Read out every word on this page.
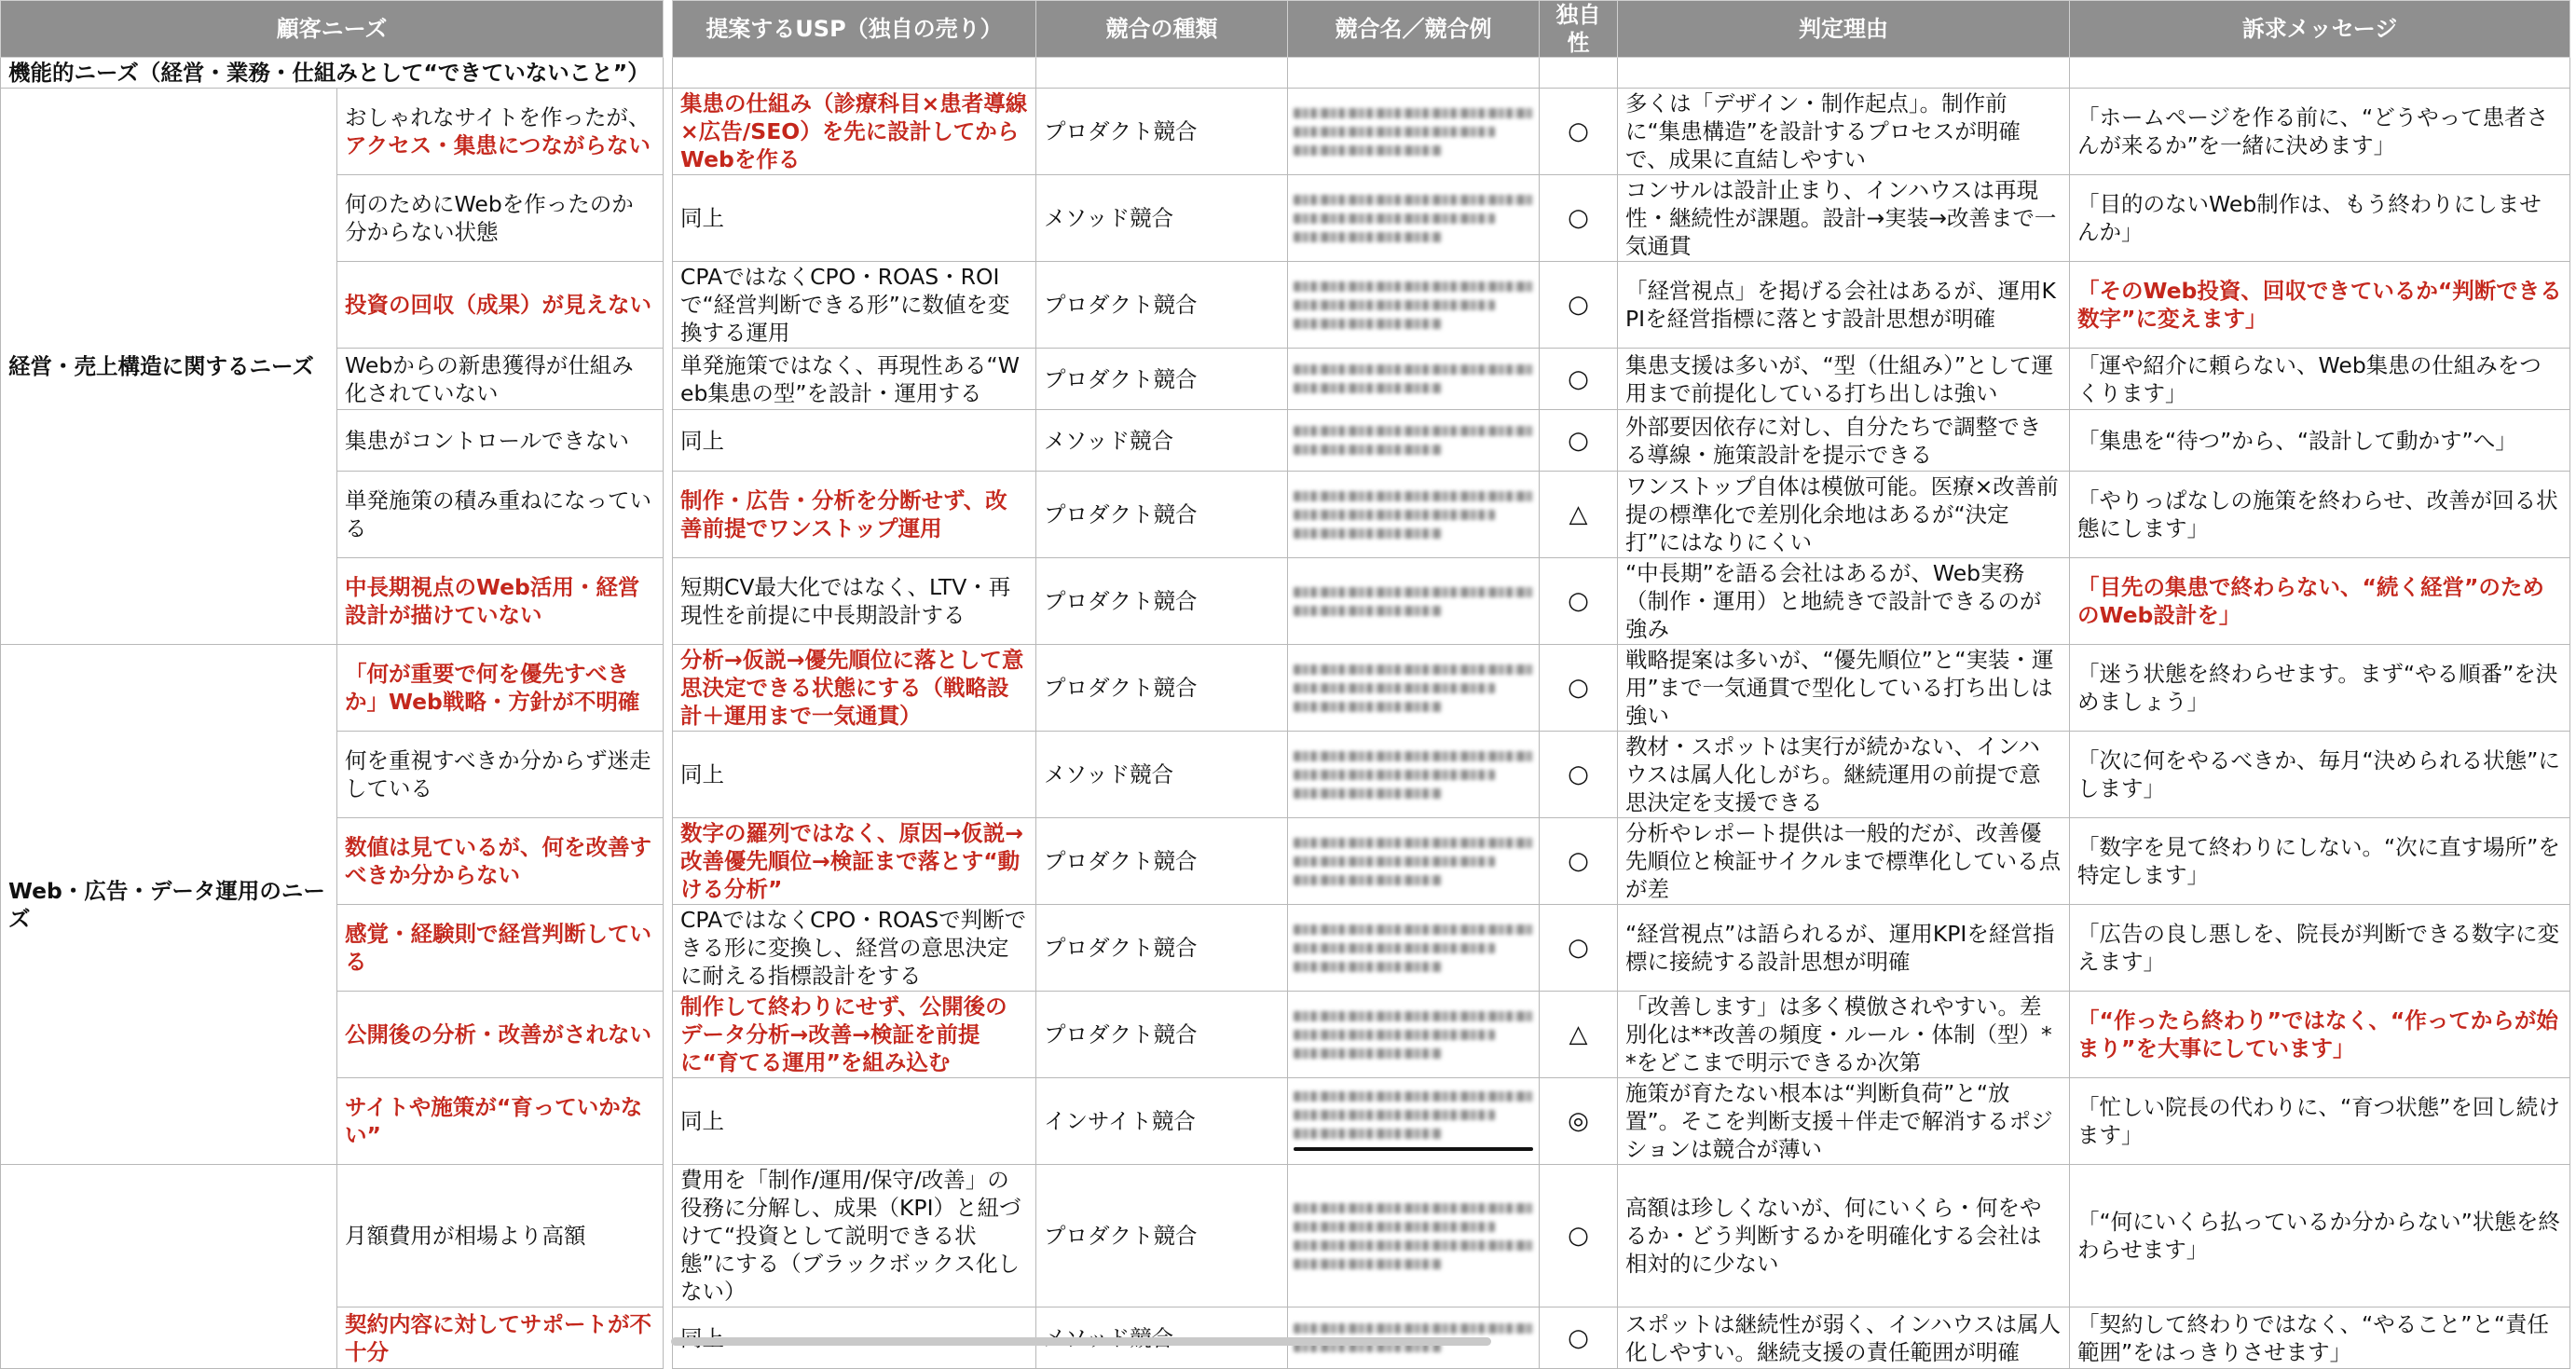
顧客ニーズ			提案するUSP（独自の売り）	競合の種類	競合名／競合例	独自性	判定理由	訴求メッセージ
機能的ニーズ（経営・業務・仕組みとして“できていないこと”）								
経営・売上構造に関するニーズ	おしゃれなサイトを作ったが、アクセス・集患につながらない		集患の仕組み（診療科目×患者導線×広告/SEO）を先に設計してからWebを作る	プロダクト競合		○	多くは「デザイン・制作起点」。制作前に“集患構造”を設計するプロセスが明確で、成果に直結しやすい	「ホームページを作る前に、“どうやって患者さんが来るか”を一緒に決めます」
	何のためにWebを作ったのか分からない状態		同上	メソッド競合		○	コンサルは設計止まり、インハウスは再現性・継続性が課題。設計→実装→改善まで一気通貫	「目的のないWeb制作は、もう終わりにしませんか」
	投資の回収（成果）が見えない		CPAではなくCPO・ROAS・ROIで“経営判断できる形”に数値を変換する運用	プロダクト競合		○	「経営視点」を掲げる会社はあるが、運用KPIを経営指標に落とす設計思想が明確	「そのWeb投資、回収できているか“判断できる数字”に変えます」
	Webからの新患獲得が仕組み化されていない		単発施策ではなく、再現性ある“Web集患の型”を設計・運用する	プロダクト競合		○	集患支援は多いが、“型（仕組み）”として運用まで前提化している打ち出しは強い	「運や紹介に頼らない、Web集患の仕組みをつくります」
	集患がコントロールできない		同上	メソッド競合		○	外部要因依存に対し、自分たちで調整できる導線・施策設計を提示できる	「集患を“待つ”から、“設計して動かす”へ」
	単発施策の積み重ねになっている		制作・広告・分析を分断せず、改善前提でワンストップ運用	プロダクト競合		△	ワンストップ自体は模倣可能。医療×改善前提の標準化で差別化余地はあるが“決定打”にはなりにくい	「やりっぱなしの施策を終わらせ、改善が回る状態にします」
	中長期視点のWeb活用・経営設計が描けていない		短期CV最大化ではなく、LTV・再現性を前提に中長期設計する	プロダクト競合		○	“中長期”を語る会社はあるが、Web実務（制作・運用）と地続きで設計できるのが強み	「目先の集患で終わらない、“続く経営”のためのWeb設計を」
Web・広告・データ運用のニーズ	「何が重要で何を優先すべきか」Web戦略・方針が不明確		分析→仮説→優先順位に落として意思決定できる状態にする（戦略設計＋運用まで一気通貫）	プロダクト競合		○	戦略提案は多いが、“優先順位”と“実装・運用”まで一気通貫で型化している打ち出しは強い	「迷う状態を終わらせます。まず“やる順番”を決めましょう」
	何を重視すべきか分からず迷走している		同上	メソッド競合		○	教材・スポットは実行が続かない、インハウスは属人化しがち。継続運用の前提で意思決定を支援できる	「次に何をやるべきか、毎月“決められる状態”にします」
	数値は見ているが、何を改善すべきか分からない		数字の羅列ではなく、原因→仮説→改善優先順位→検証まで落とす“動ける分析”	プロダクト競合		○	分析やレポート提供は一般的だが、改善優先順位と検証サイクルまで標準化している点が差	「数字を見て終わりにしない。“次に直す場所”を特定します」
	感覚・経験則で経営判断している		CPAではなくCPO・ROASで判断できる形に変換し、経営の意思決定に耐える指標設計をする	プロダクト競合		○	“経営視点”は語られるが、運用KPIを経営指標に接続する設計思想が明確	「広告の良し悪しを、院長が判断できる数字に変えます」
	公開後の分析・改善がされない		制作して終わりにせず、公開後のデータ分析→改善→検証を前提に“育てる運用”を組み込む	プロダクト競合		△	「改善します」は多く模倣されやすい。差別化は**改善の頻度・ルール・体制（型）**をどこまで明示できるか次第	「“作ったら終わり”ではなく、“作ってからが始まり”を大事にしています」
	サイトや施策が“育っていかない”		同上	インサイト競合		◎	施策が育たない根本は“判断負荷”と“放置”。そこを判断支援＋伴走で解消するポジションは競合が薄い	「忙しい院長の代わりに、“育つ状態”を回し続けます」
	月額費用が相場より高額		費用を「制作/運用/保守/改善」の役務に分解し、成果（KPI）と紐づけて“投資として説明できる状態”にする（ブラックボックス化しない）	プロダクト競合		○	高額は珍しくないが、何にいくら・何をやるか・どう判断するかを明確化する会社は相対的に少ない	「“何にいくら払っているか分からない”状態を終わらせます」
	契約内容に対してサポートが不十分					○	スポットは継続性が弱く、インハウスは属人化しやすい。継続支援の責任範囲が明確	「契約して終わりではなく、“やること”と“責任範囲”をはっきりさせます」
